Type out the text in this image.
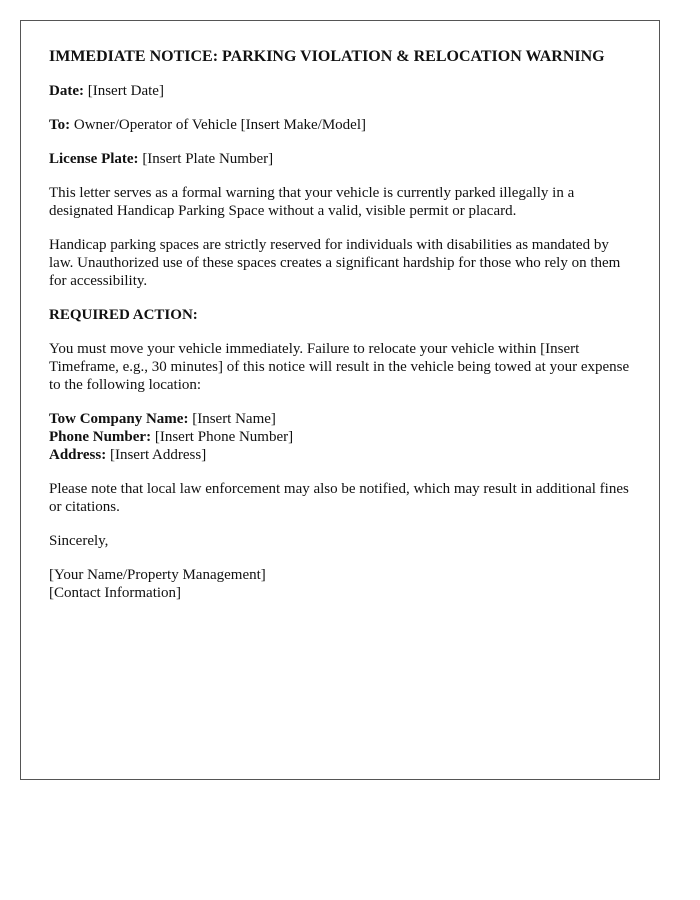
IMMEDIATE NOTICE: PARKING VIOLATION & RELOCATION WARNING

Date: [Insert Date]

To: Owner/Operator of Vehicle [Insert Make/Model]

License Plate: [Insert Plate Number]

This letter serves as a formal warning that your vehicle is currently parked illegally in a designated Handicap Parking Space without a valid, visible permit or placard.

Handicap parking spaces are strictly reserved for individuals with disabilities as mandated by law. Unauthorized use of these spaces creates a significant hardship for those who rely on them for accessibility.

REQUIRED ACTION:

You must move your vehicle immediately. Failure to relocate your vehicle within [Insert Timeframe, e.g., 30 minutes] of this notice will result in the vehicle being towed at your expense to the following location:

Tow Company Name: [Insert Name]

Phone Number: [Insert Phone Number]

Address: [Insert Address]

Please note that local law enforcement may also be notified, which may result in additional fines or citations.

Sincerely,

[Your Name/Property Management]

[Contact Information]
